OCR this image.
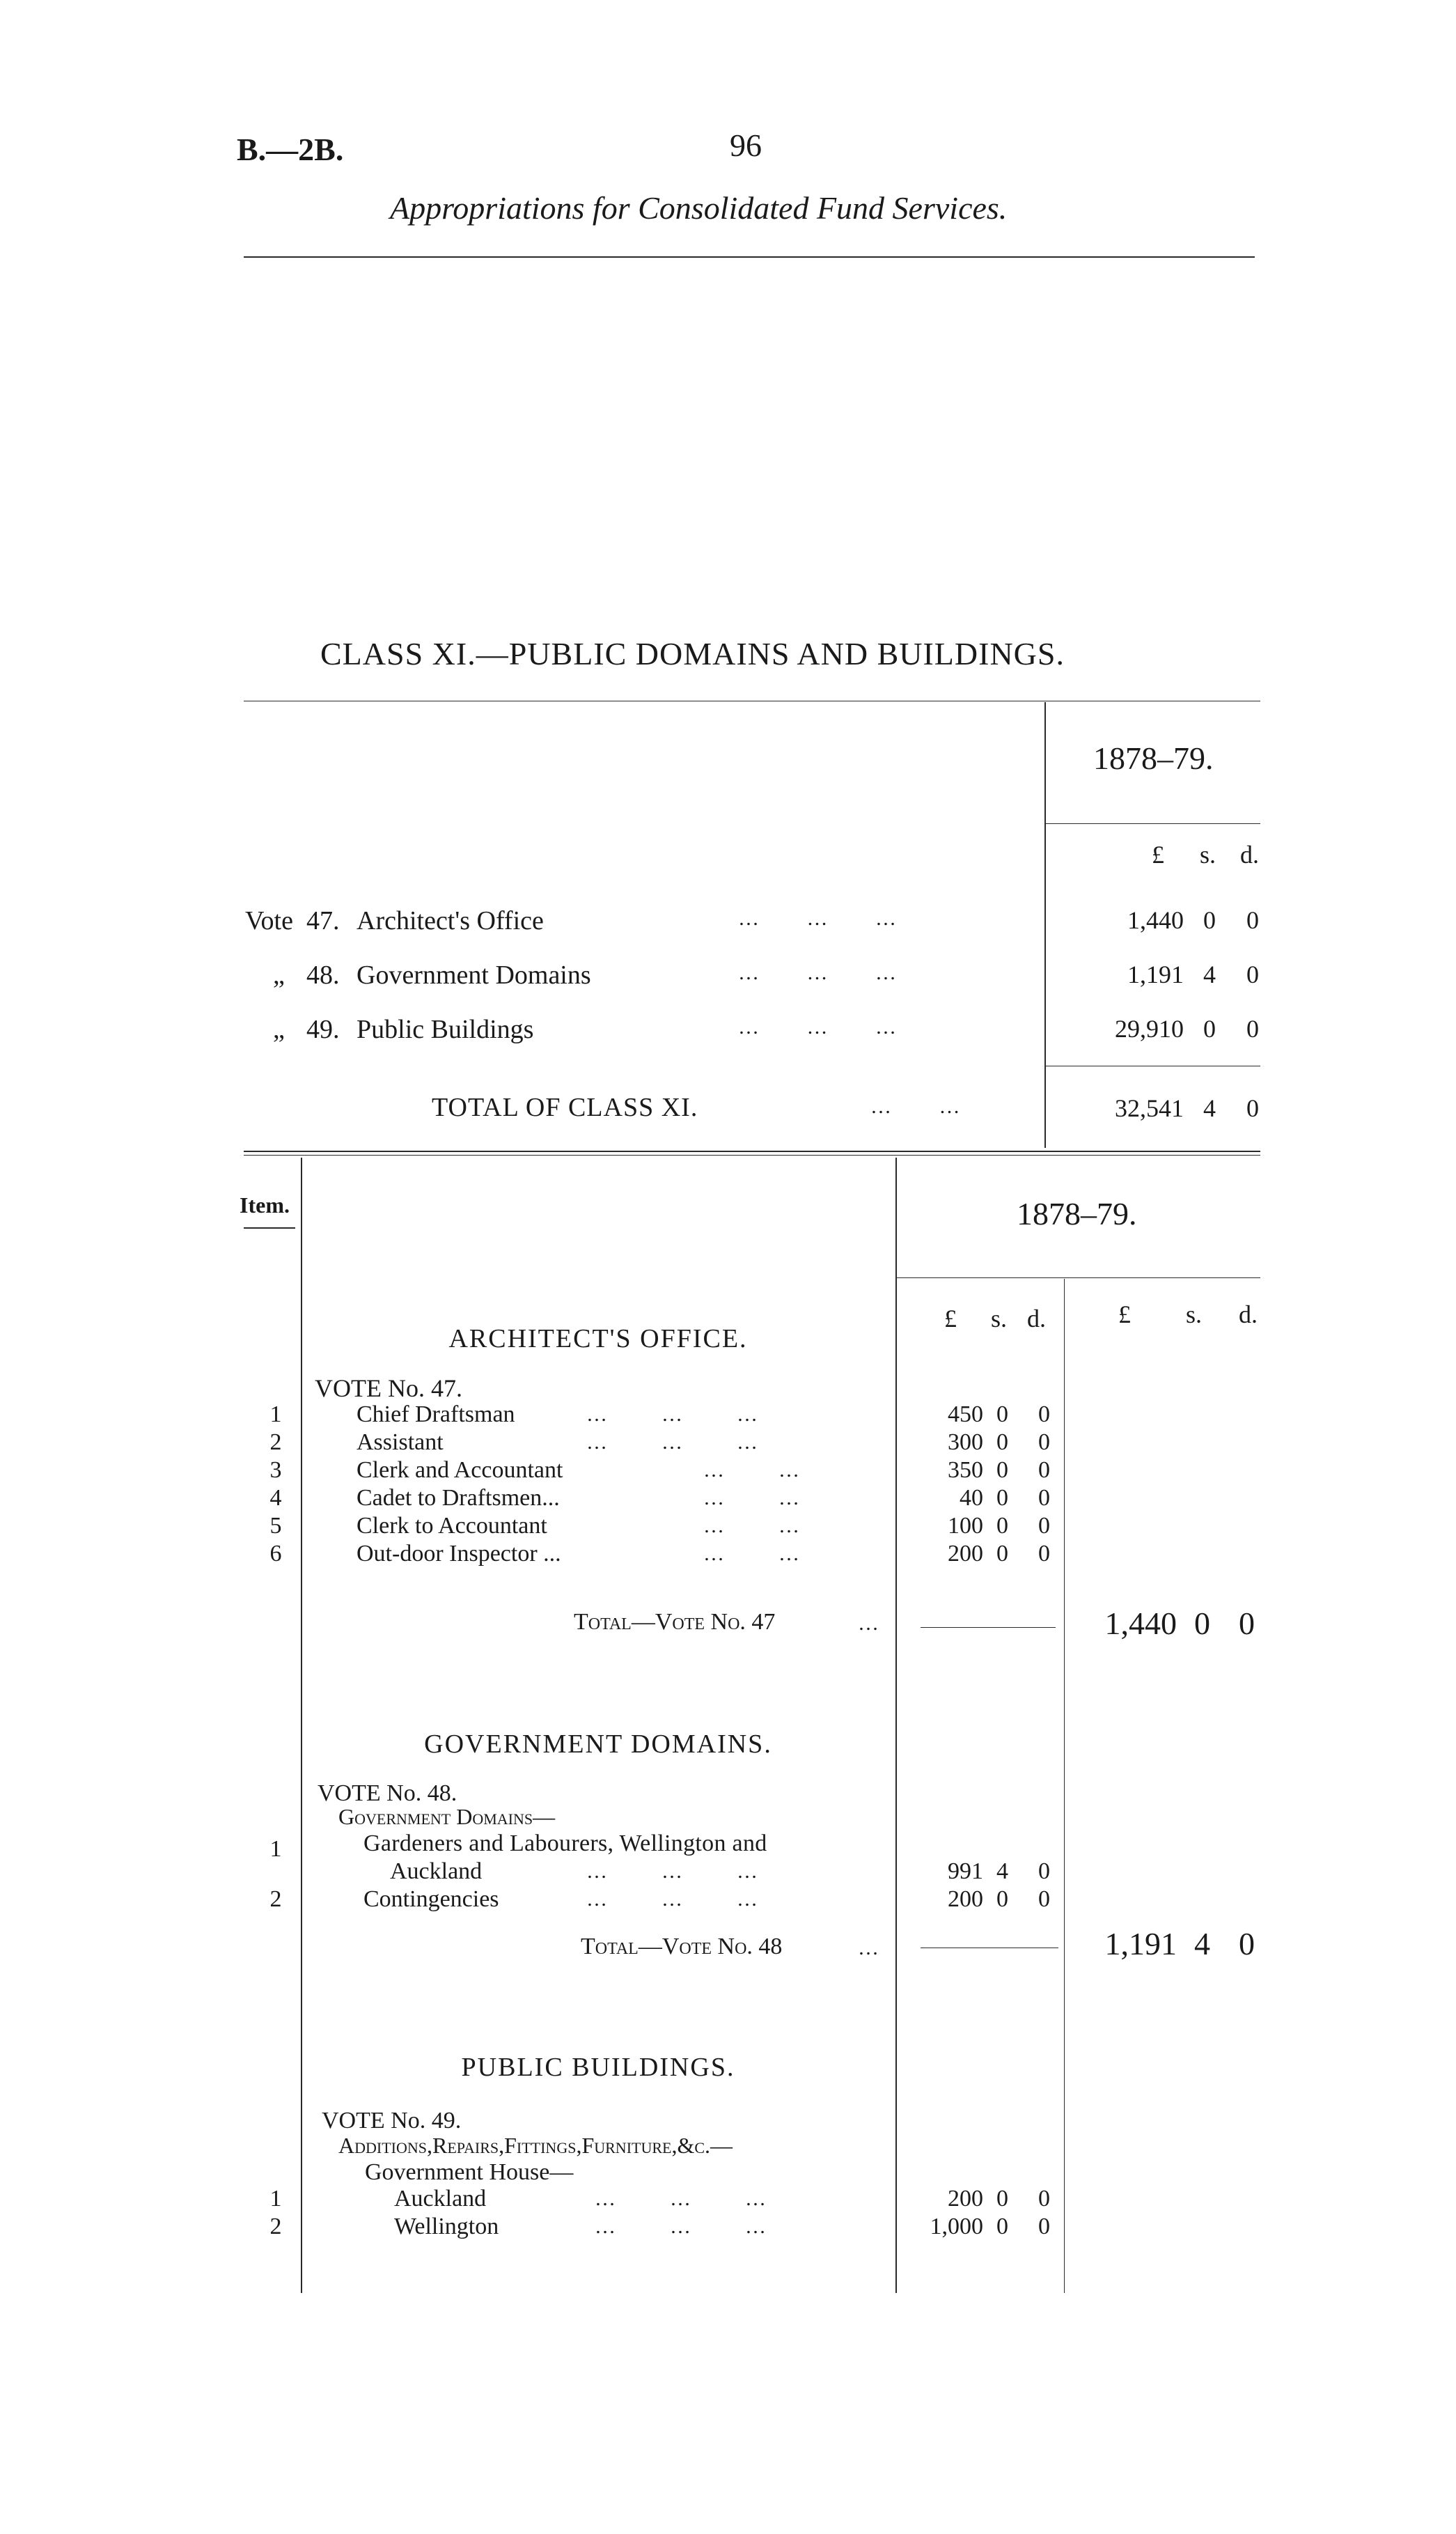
B.—2B.	96
Appropriations for Consolidated Fund Services.
CLASS XI.—PUBLIC DOMAINS AND BUILDINGS.
1878–79.
£	s. d.
Vote 47. Architect's Office	…       …       …	1,440 0	0
„ 48. Government Domains	…       …       …	1,191 4	0
„ 49. Public Buildings	…       …       …	29,910 0	0
TOTAL OF CLASS XI.	…       …	32,541 4	0
Item.	1878–79.
£	s. d.	£	s.	d.
ARCHITECT'S OFFICE.
VOTE No. 47.
1	Chief Draftsman	…        …        …	450 0	0
2	Assistant	…        …        …	300 0	0
3	Clerk and Accountant	…        …	350 0	0
4	Cadet to Draftsmen...	…        …	40 0	0
5	Clerk to Accountant	…        …	100 0	0
6	Out-door Inspector ...	…        …	200 0	0
Total—Vote No. 47	…	1,440 0 0
GOVERNMENT DOMAINS.
VOTE No. 48.
Government Domains—
1	Gardeners and Labourers, Wellington and
Auckland	…        …        …	991 4	0
2	Contingencies	…        …        …	200 0	0
Total—Vote No. 48	…	1,191 4 0
PUBLIC BUILDINGS.
VOTE No. 49.
Additions,Repairs,Fittings,Furniture,&c.—
Government House—
1	Auckland	…        …        …	200 0	0
2	Wellington	…        …        …	1,000 0	0
